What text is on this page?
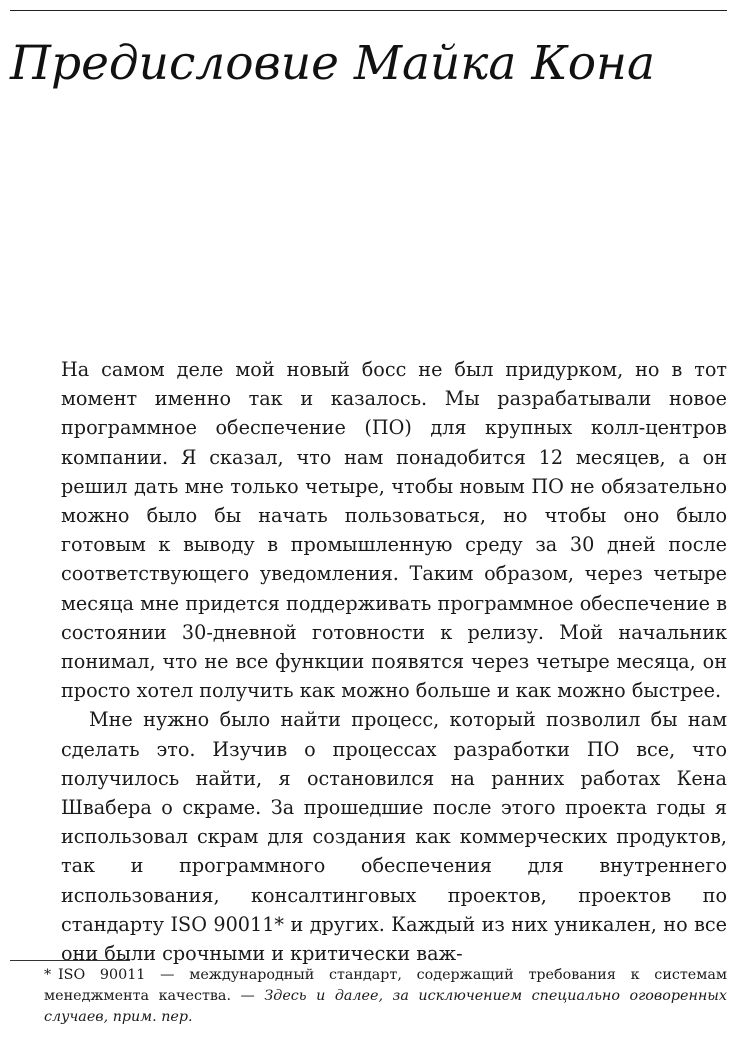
Предисловие Майка Кона

На самом деле мой новый босс не был придурком, но в тот момент именно так и казалось. Мы разрабатывали новое программное обеспечение (ПО) для крупных колл-центров компании. Я сказал, что нам понадобится 12 месяцев, а он решил дать мне только четыре, чтобы новым ПО не обязательно можно было бы начать пользоваться, но чтобы оно было готовым к выводу в промышленную среду за 30 дней после соответствующего уведомления. Таким образом, через четыре месяца мне придется поддерживать программное обеспечение в состоянии 30-дневной готовности к релизу. Мой начальник понимал, что не все функции появятся через четыре месяца, он просто хотел получить как можно больше и как можно быстрее.

Мне нужно было найти процесс, который позволил бы нам сделать это. Изучив о процессах разработки ПО все, что получилось найти, я остановился на ранних работах Кена Швабера о скраме. За прошедшие после этого проекта годы я использовал скрам для создания как коммерческих продуктов, так и программного обеспечения для внутреннего использования, консалтинговых проектов, проектов по стандарту ISO 90011* и других. Каждый из них уникален, но все они были срочными и критически важ-

* ISO 90011 — международный стандарт, содержащий требования к системам менеджмента качества. — Здесь и далее, за исключением специально оговоренных случаев, прим. пер.
